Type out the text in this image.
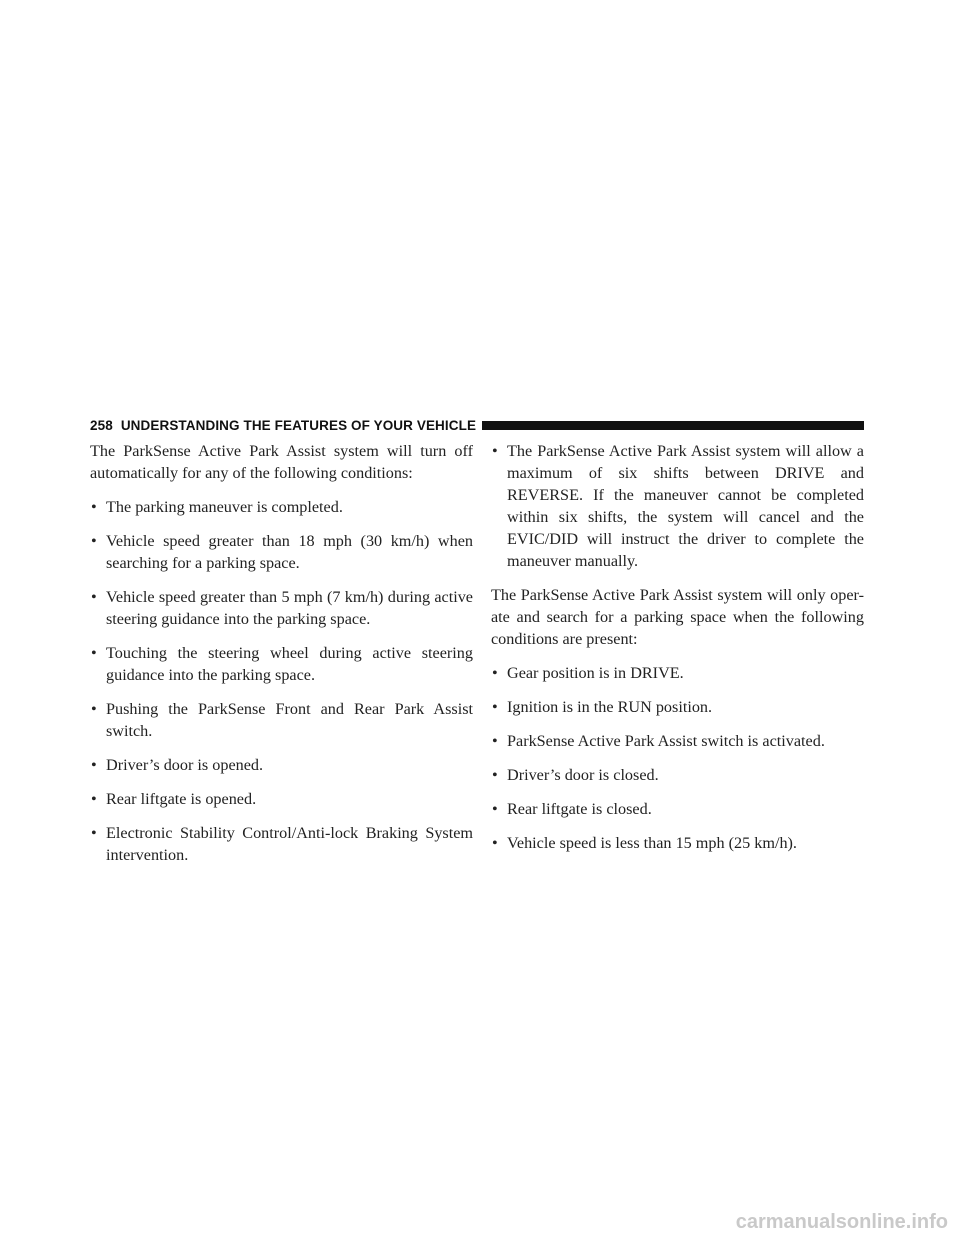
258 UNDERSTANDING THE FEATURES OF YOUR VEHICLE

The ParkSense Active Park Assist system will turn off automatically for any of the following conditions:

• The parking maneuver is completed.
• Vehicle speed greater than 18 mph (30 km/h) when searching for a parking space.
• Vehicle speed greater than 5 mph (7 km/h) during active steering guidance into the parking space.
• Touching the steering wheel during active steering guidance into the parking space.
• Pushing the ParkSense Front and Rear Park Assist switch.
• Driver’s door is opened.
• Rear liftgate is opened.
• Electronic Stability Control/Anti-lock Braking System intervention.
• The ParkSense Active Park Assist system will allow a maximum of six shifts between DRIVE and REVERSE. If the maneuver cannot be completed within six shifts, the system will cancel and the EVIC/DID will instruct the driver to complete the maneuver manually.

The ParkSense Active Park Assist system will only oper-ate and search for a parking space when the following conditions are present:

• Gear position is in DRIVE.
• Ignition is in the RUN position.
• ParkSense Active Park Assist switch is activated.
• Driver’s door is closed.
• Rear liftgate is closed.
• Vehicle speed is less than 15 mph (25 km/h).
carmanualsonline.info
